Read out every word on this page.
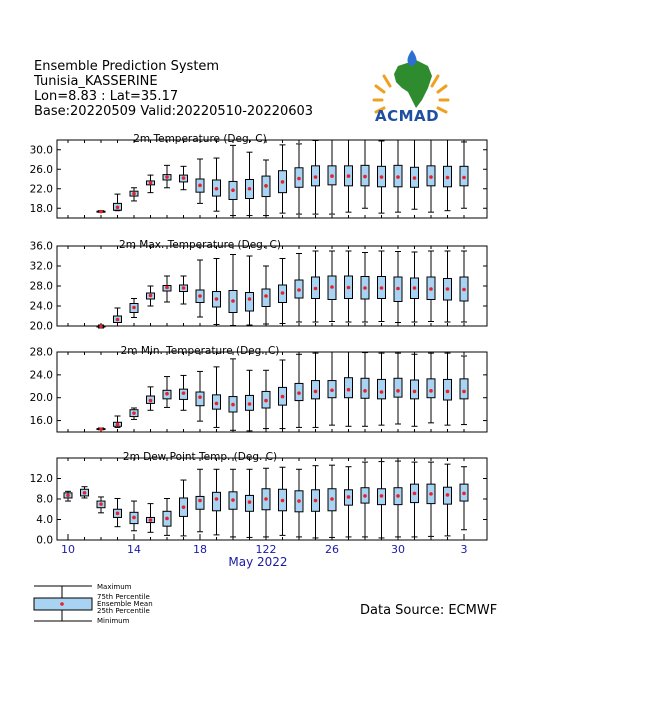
Ensemble Prediction System
Tunisia_KASSERINE
Lon=8.83 : Lat=35.17
Base:20220509 Valid:20220510-20220603	ACMAD
2m Temperature (Deg. C)
18.0
22.0
26.0
30.0
2m Max. Temperature (Deg. C)
20.0
24.0
28.0
32.0
36.0
2m Min. Temperature (Deg. C)
16.0
20.0
24.0
28.0
2m Dew Point Temp. (Deg. C)
0.0
4.0
8.0
12.0
10	14	18	122	26	30	3
May 2022
Maximum
75th Percentile
Ensemble Mean
25th Percentile
Minimum
Data Source: ECMWF
